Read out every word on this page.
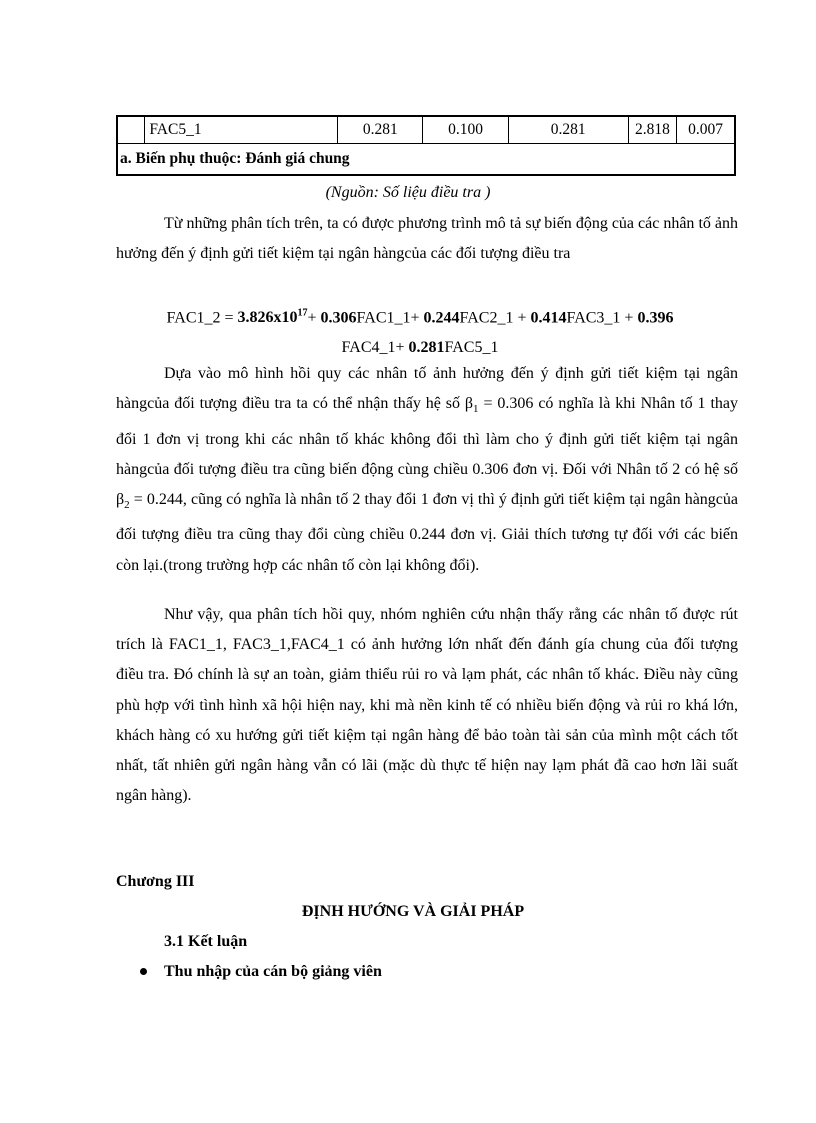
	FAC5_1	0.281	0.100	0.281	2.818	0.007
a. Biến phụ thuộc: Đánh giá chung
(Nguồn: Số liệu điều tra )

Từ những phân tích trên, ta có được phương trình mô tả sự biến động của các nhân tố ảnh hưởng đến ý định gửi tiết kiệm tại ngân hàngcủa các đối tượng điều tra

FAC1_2 = $3.826x10^{17}+$ 0.306FAC1_1+ 0.244FAC2_1 + 0.414FAC3_1 + 0.396
FAC4_1+ 0.281FAC5_1

Dựa vào mô hình hồi quy các nhân tố ảnh hưởng đến ý định gửi tiết kiệm tại ngân hàngcủa đối tượng điều tra ta có thể nhận thấy hệ số $\beta_1 = 0.306$ có nghĩa là khi Nhân tố 1 thay đổi 1 đơn vị trong khi các nhân tố khác không đổi thì làm cho ý định gửi tiết kiệm tại ngân hàngcủa đối tượng điều tra cũng biến động cùng chiều 0.306 đơn vị. Đối với Nhân tố 2 có hệ số $\beta_2 = 0.244$, cũng có nghĩa là nhân tố 2 thay đổi 1 đơn vị thì ý định gửi tiết kiệm tại ngân hàngcủa đối tượng điều tra cũng thay đổi cùng chiều 0.244 đơn vị. Giải thích tương tự đối với các biến còn lại.(trong trường hợp các nhân tố còn lại không đổi).

Như vậy, qua phân tích hồi quy, nhóm nghiên cứu nhận thấy rằng các nhân tố được rút trích là FAC1_1, FAC3_1,FAC4_1 có ảnh hưởng lớn nhất đến đánh gía chung của đối tượng điều tra. Đó chính là sự an toàn, giảm thiểu rủi ro và lạm phát, các nhân tố khác. Điều này cũng phù hợp với tình hình xã hội hiện nay, khi mà nền kinh tế có nhiều biến động và rủi ro khá lớn, khách hàng có xu hướng gửi tiết kiệm tại ngân hàng để bảo toàn tài sản của mình một cách tốt nhất, tất nhiên gửi ngân hàng vẫn có lãi (mặc dù thực tế hiện nay lạm phát đã cao hơn lãi suất ngân hàng).

Chương III

ĐỊNH HƯỚNG VÀ GIẢI PHÁP

3.1 Kết luận

Thu nhập của cán bộ giảng viên
